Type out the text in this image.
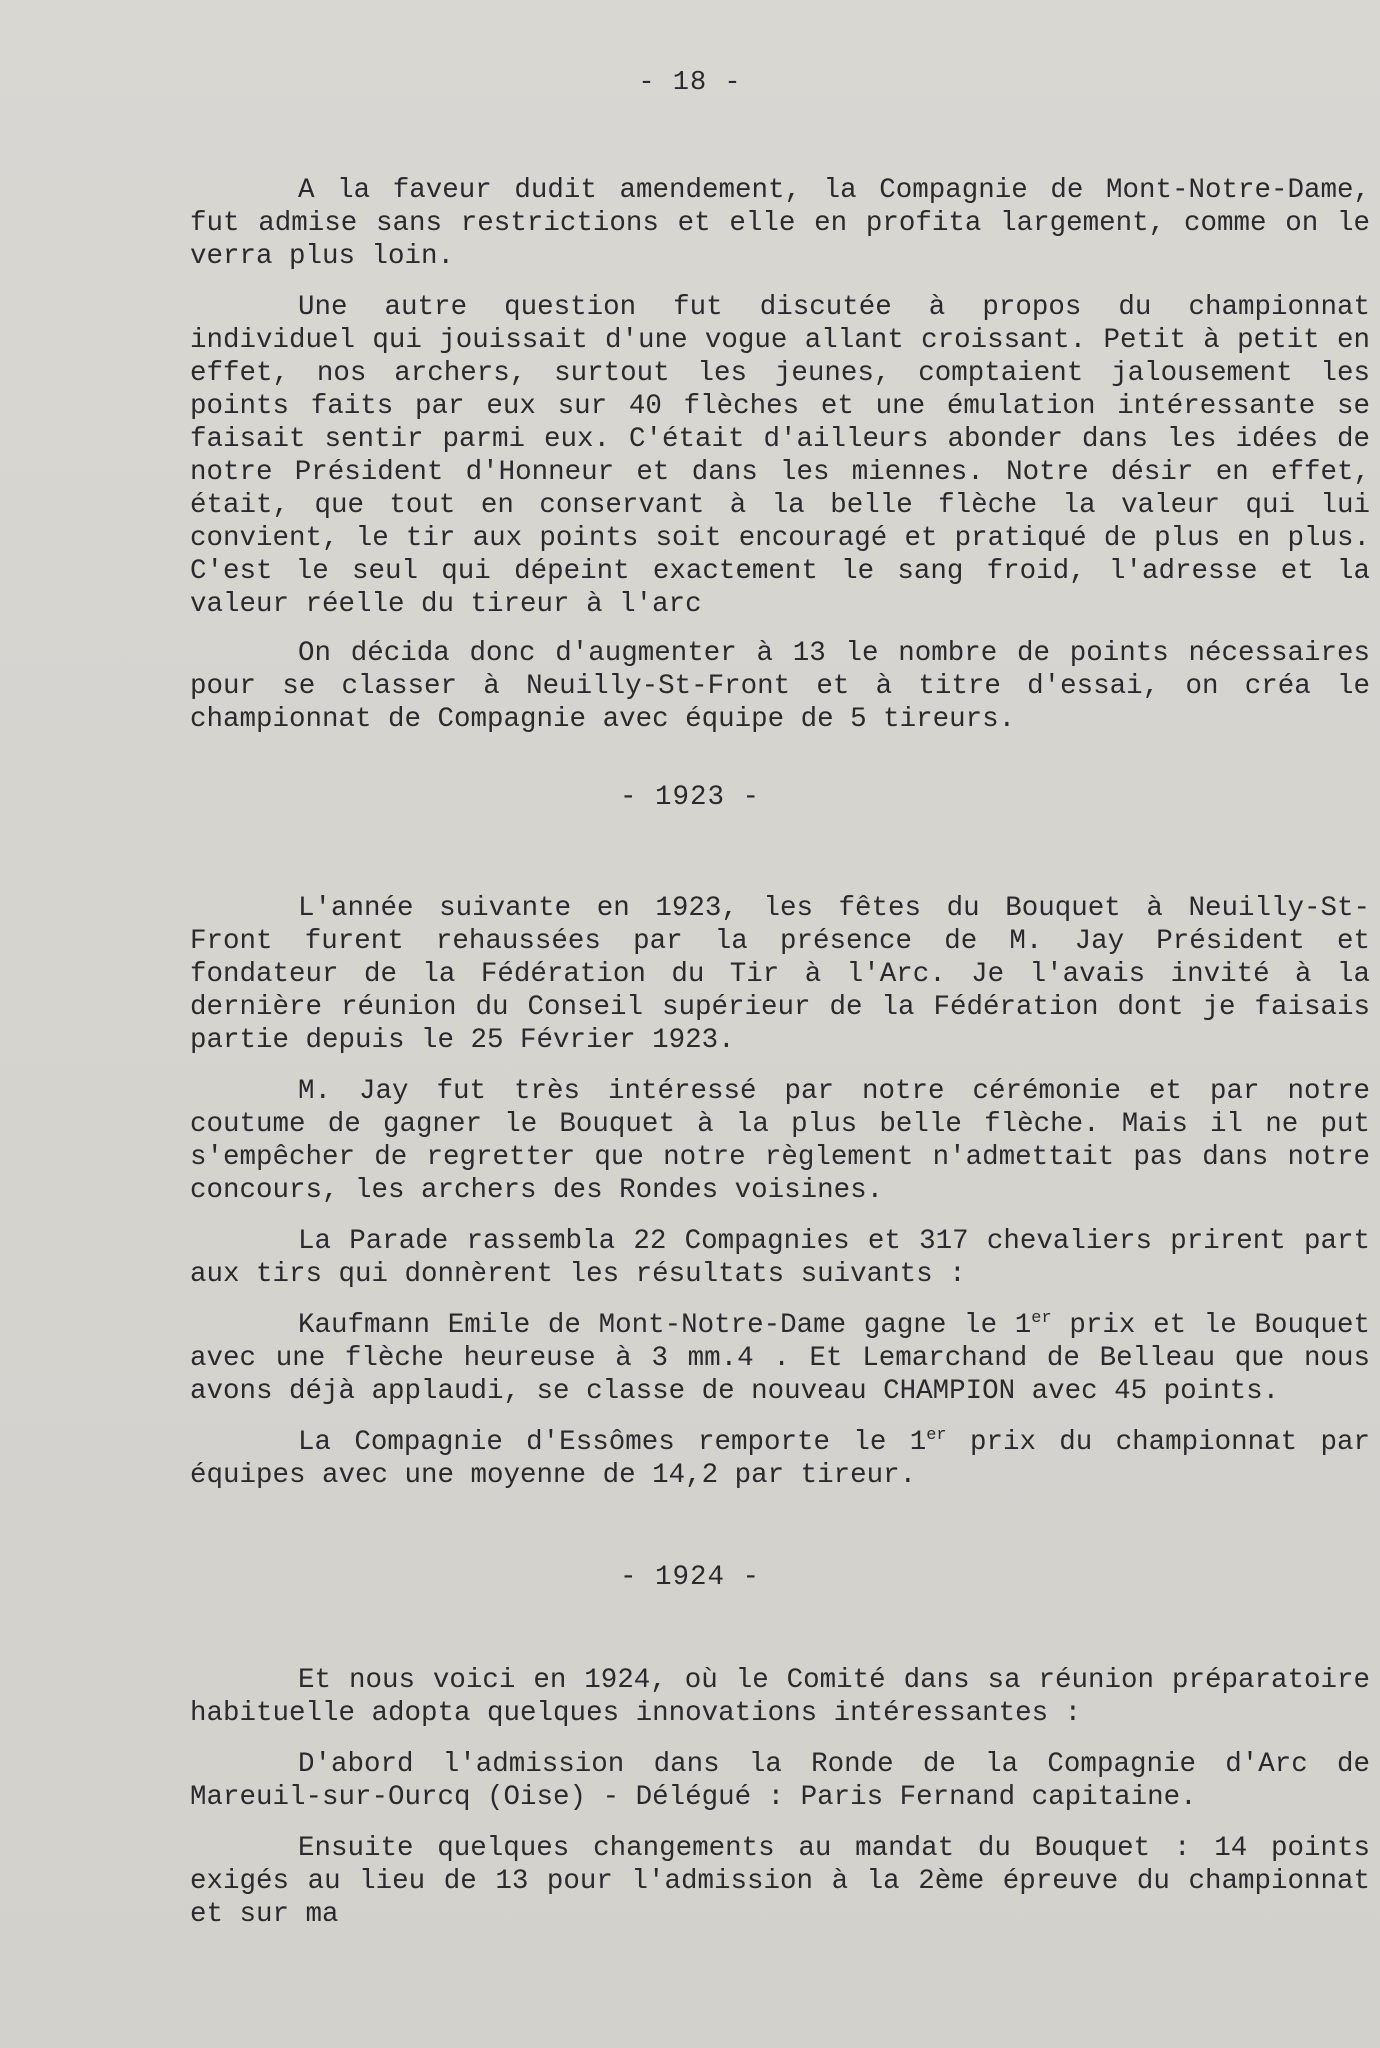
- 18 -

A la faveur dudit amendement, la Compagnie de Mont-Notre-Dame, fut admise sans restrictions et elle en profita largement, comme on le verra plus loin.

Une autre question fut discutée à propos du championnat individuel qui jouissait d'une vogue allant croissant. Petit à petit en effet, nos archers, surtout les jeunes, comptaient jalousement les points faits par eux sur 40 flèches et une émulation intéressante se faisait sentir parmi eux. C'était d'ailleurs abonder dans les idées de notre Président d'Honneur et dans les miennes. Notre désir en effet, était, que tout en conservant à la belle flèche la valeur qui lui convient, le tir aux points soit encouragé et pratiqué de plus en plus. C'est le seul qui dépeint exactement le sang froid, l'adresse et la valeur réelle du tireur à l'arc

On décida donc d'augmenter à 13 le nombre de points nécessaires pour se classer à Neuilly-St-Front et à titre d'essai, on créa le championnat de Compagnie avec équipe de 5 tireurs.

- 1923 -

L'année suivante en 1923, les fêtes du Bouquet à Neuilly-St-Front furent rehaussées par la présence de M. Jay Président et fondateur de la Fédération du Tir à l'Arc. Je l'avais invité à la dernière réunion du Conseil supérieur de la Fédération dont je faisais partie depuis le 25 Février 1923.

M. Jay fut très intéressé par notre cérémonie et par notre coutume de gagner le Bouquet à la plus belle flèche. Mais il ne put s'empêcher de regretter que notre règlement n'admettait pas dans notre concours, les archers des Rondes voisines.

La Parade rassembla 22 Compagnies et 317 chevaliers prirent part aux tirs qui donnèrent les résultats suivants :

Kaufmann Emile de Mont-Notre-Dame gagne le 1er prix et le Bouquet avec une flèche heureuse à 3 mm.4 . Et Lemarchand de Belleau que nous avons déjà applaudi, se classe de nouveau CHAMPION avec 45 points.

La Compagnie d'Essômes remporte le 1er prix du championnat par équipes avec une moyenne de 14,2 par tireur.

- 1924 -

Et nous voici en 1924, où le Comité dans sa réunion préparatoire habituelle adopta quelques innovations intéressantes :

D'abord l'admission dans la Ronde de la Compagnie d'Arc de Mareuil-sur-Ourcq (Oise) - Délégué : Paris Fernand capitaine.

Ensuite quelques changements au mandat du Bouquet : 14 points exigés au lieu de 13 pour l'admission à la 2ème épreuve du championnat et sur ma
